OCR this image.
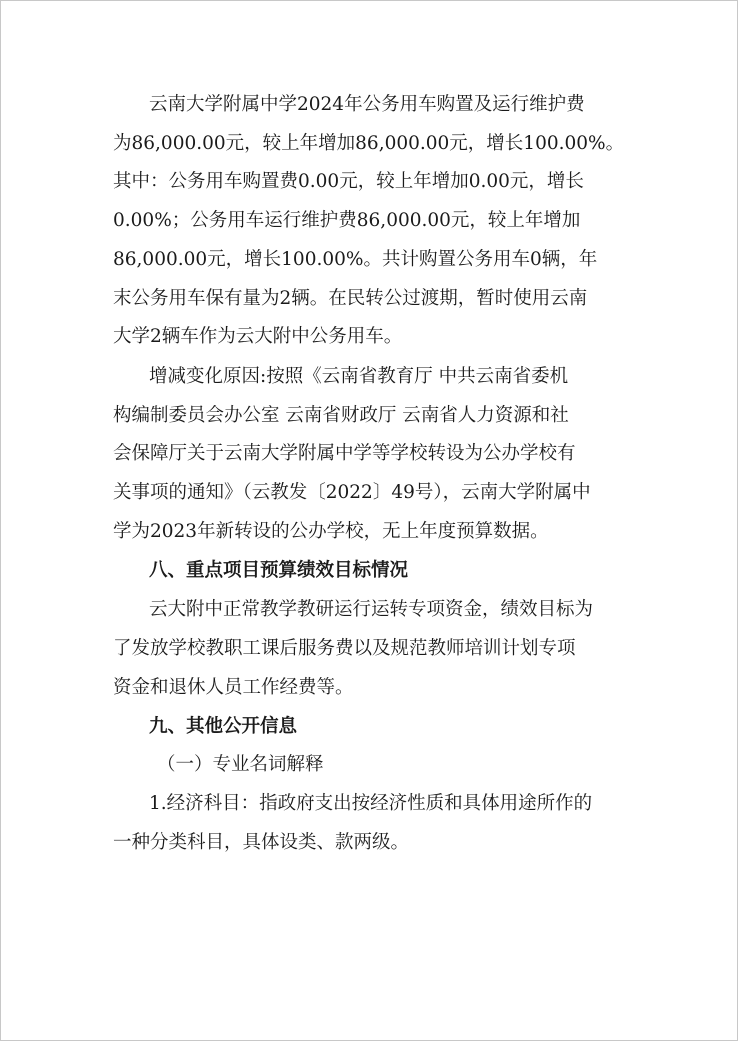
云南大学附属中学2024年公务用车购置及运行维护费
为86,000.00元，较上年增加86,000.00元，增长100.00%。
其中：公务用车购置费0.00元，较上年增加0.00元，增长
0.00%；公务用车运行维护费86,000.00元，较上年增加
86,000.00元，增长100.00%。共计购置公务用车0辆，年
末公务用车保有量为2辆。在民转公过渡期，暂时使用云南
大学2辆车作为云大附中公务用车。
增减变化原因:按照《云南省教育厅 中共云南省委机
构编制委员会办公室 云南省财政厅 云南省人力资源和社
会保障厅关于云南大学附属中学等学校转设为公办学校有
关事项的通知》（云教发〔2022〕49号），云南大学附属中
学为2023年新转设的公办学校，无上年度预算数据。
八、重点项目预算绩效目标情况
云大附中正常教学教研运行运转专项资金，绩效目标为
了发放学校教职工课后服务费以及规范教师培训计划专项
资金和退休人员工作经费等。
九、其他公开信息
（一）专业名词解释
1.经济科目：指政府支出按经济性质和具体用途所作的
一种分类科目，具体设类、款两级。
